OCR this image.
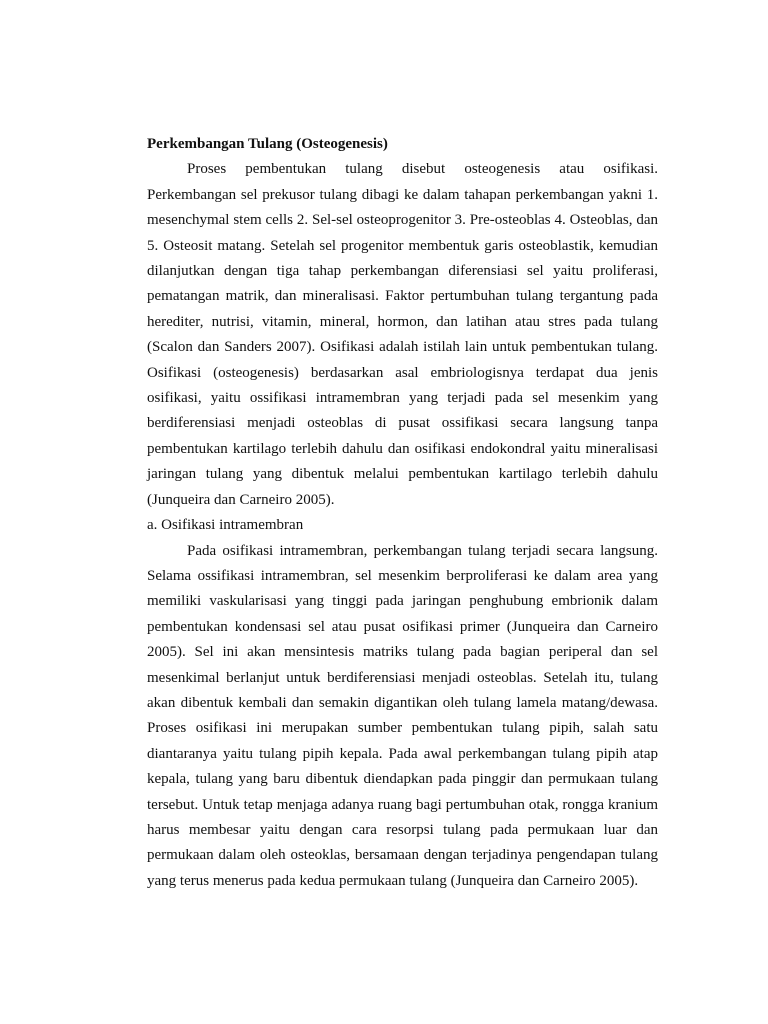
Perkembangan Tulang (Osteogenesis)

Proses pembentukan tulang disebut osteogenesis atau osifikasi. Perkembangan sel prekusor tulang dibagi ke dalam tahapan perkembangan yakni 1. mesenchymal stem cells 2. Sel-sel osteoprogenitor 3. Pre-osteoblas 4. Osteoblas, dan 5. Osteosit matang. Setelah sel progenitor membentuk garis osteoblastik, kemudian dilanjutkan dengan tiga tahap perkembangan diferensiasi sel yaitu proliferasi, pematangan matrik, dan mineralisasi. Faktor pertumbuhan tulang tergantung pada herediter, nutrisi, vitamin, mineral, hormon, dan latihan atau stres pada tulang (Scalon dan Sanders 2007). Osifikasi adalah istilah lain untuk pembentukan tulang. Osifikasi (osteogenesis) berdasarkan asal embriologisnya terdapat dua jenis osifikasi, yaitu ossifikasi intramembran yang terjadi pada sel mesenkim yang berdiferensiasi menjadi osteoblas di pusat ossifikasi secara langsung tanpa pembentukan kartilago terlebih dahulu dan osifikasi endokondral yaitu mineralisasi jaringan tulang yang dibentuk melalui pembentukan kartilago terlebih dahulu (Junqueira dan Carneiro 2005).

a. Osifikasi intramembran

Pada osifikasi intramembran, perkembangan tulang terjadi secara langsung. Selama ossifikasi intramembran, sel mesenkim berproliferasi ke dalam area yang memiliki vaskularisasi yang tinggi pada jaringan penghubung embrionik dalam pembentukan kondensasi sel atau pusat osifikasi primer (Junqueira dan Carneiro 2005). Sel ini akan mensintesis matriks tulang pada bagian periperal dan sel mesenkimal berlanjut untuk berdiferensiasi menjadi osteoblas. Setelah itu, tulang akan dibentuk kembali dan semakin digantikan oleh tulang lamela matang/dewasa. Proses osifikasi ini merupakan sumber pembentukan tulang pipih, salah satu diantaranya yaitu tulang pipih kepala. Pada awal perkembangan tulang pipih atap kepala, tulang yang baru dibentuk diendapkan pada pinggir dan permukaan tulang tersebut. Untuk tetap menjaga adanya ruang bagi pertumbuhan otak, rongga kranium harus membesar yaitu dengan cara resorpsi tulang pada permukaan luar dan permukaan dalam oleh osteoklas, bersamaan dengan terjadinya pengendapan tulang yang terus menerus pada kedua permukaan tulang (Junqueira dan Carneiro 2005).
